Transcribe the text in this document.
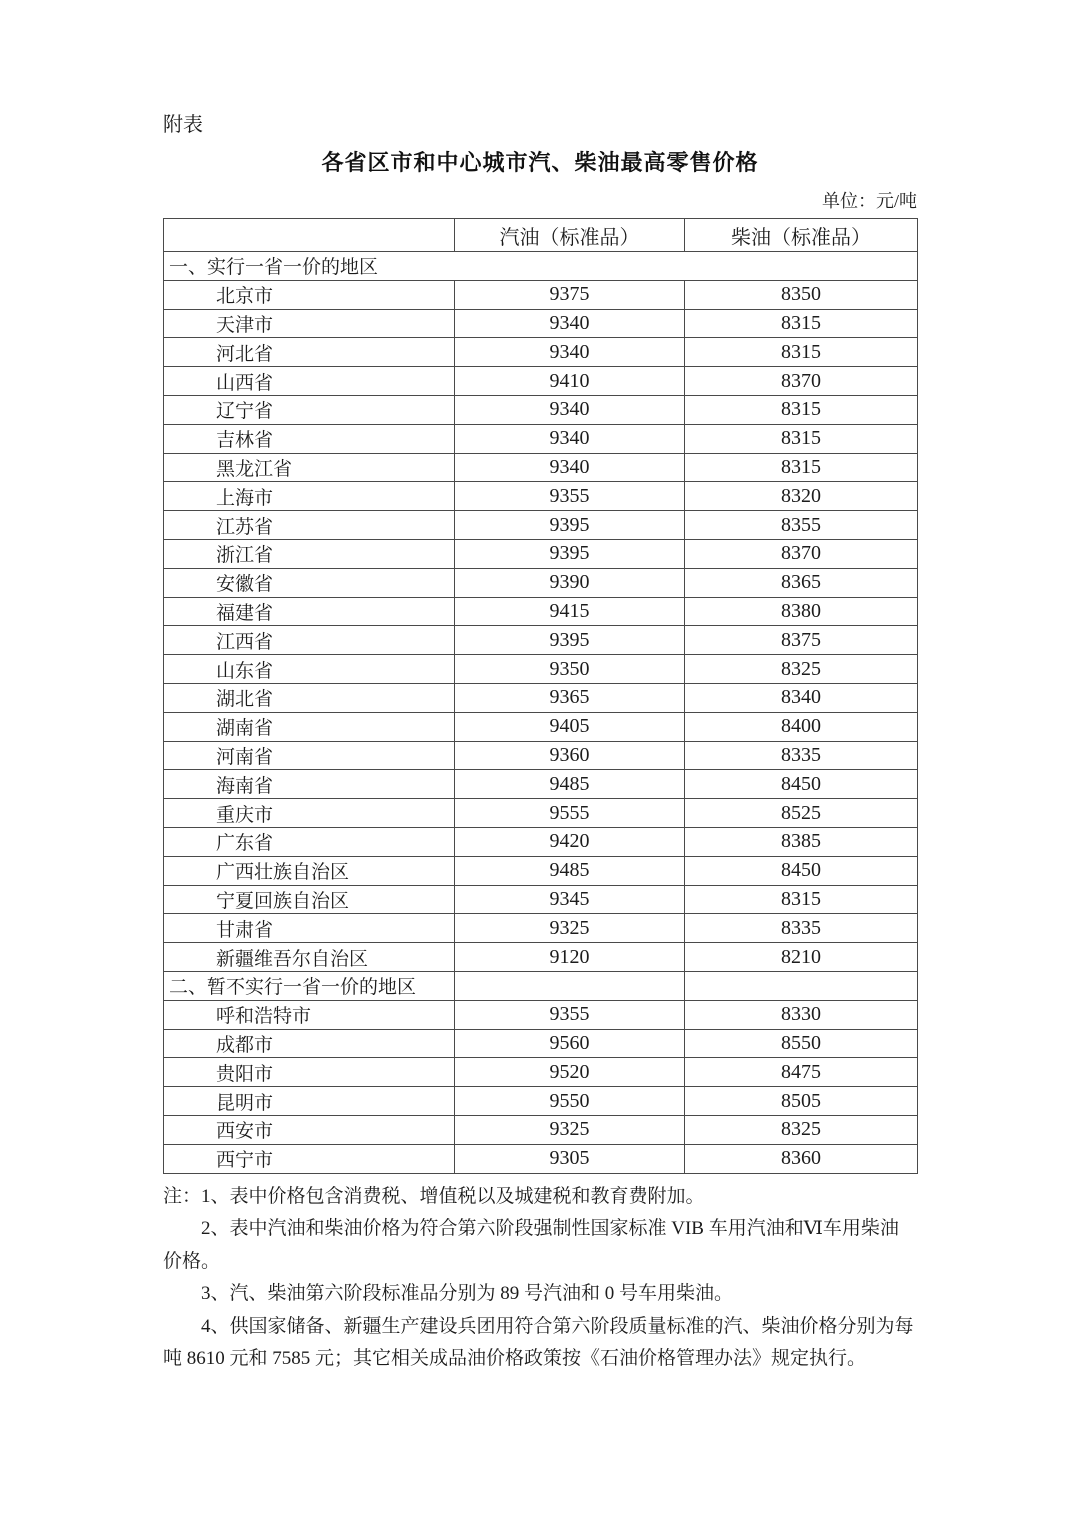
附表
各省区市和中心城市汽、柴油最高零售价格
单位：元/吨
	汽油（标准品）	柴油（标准品）
一、实行一省一价的地区		
北京市	9375	8350
天津市	9340	8315
河北省	9340	8315
山西省	9410	8370
辽宁省	9340	8315
吉林省	9340	8315
黑龙江省	9340	8315
上海市	9355	8320
江苏省	9395	8355
浙江省	9395	8370
安徽省	9390	8365
福建省	9415	8380
江西省	9395	8375
山东省	9350	8325
湖北省	9365	8340
湖南省	9405	8400
河南省	9360	8335
海南省	9485	8450
重庆市	9555	8525
广东省	9420	8385
广西壮族自治区	9485	8450
宁夏回族自治区	9345	8315
甘肃省	9325	8335
新疆维吾尔自治区	9120	8210
二、暂不实行一省一价的地区		
呼和浩特市	9355	8330
成都市	9560	8550
贵阳市	9520	8475
昆明市	9550	8505
西安市	9325	8325
西宁市	9305	8360

注：1、表中价格包含消费税、增值税以及城建税和教育费附加。

2、表中汽油和柴油价格为符合第六阶段强制性国家标准 VIB 车用汽油和Ⅵ车用柴油价格。

3、汽、柴油第六阶段标准品分别为 89 号汽油和 0 号车用柴油。

4、供国家储备、新疆生产建设兵团用符合第六阶段质量标准的汽、柴油价格分别为每吨 8610 元和 7585 元；其它相关成品油价格政策按《石油价格管理办法》规定执行。
